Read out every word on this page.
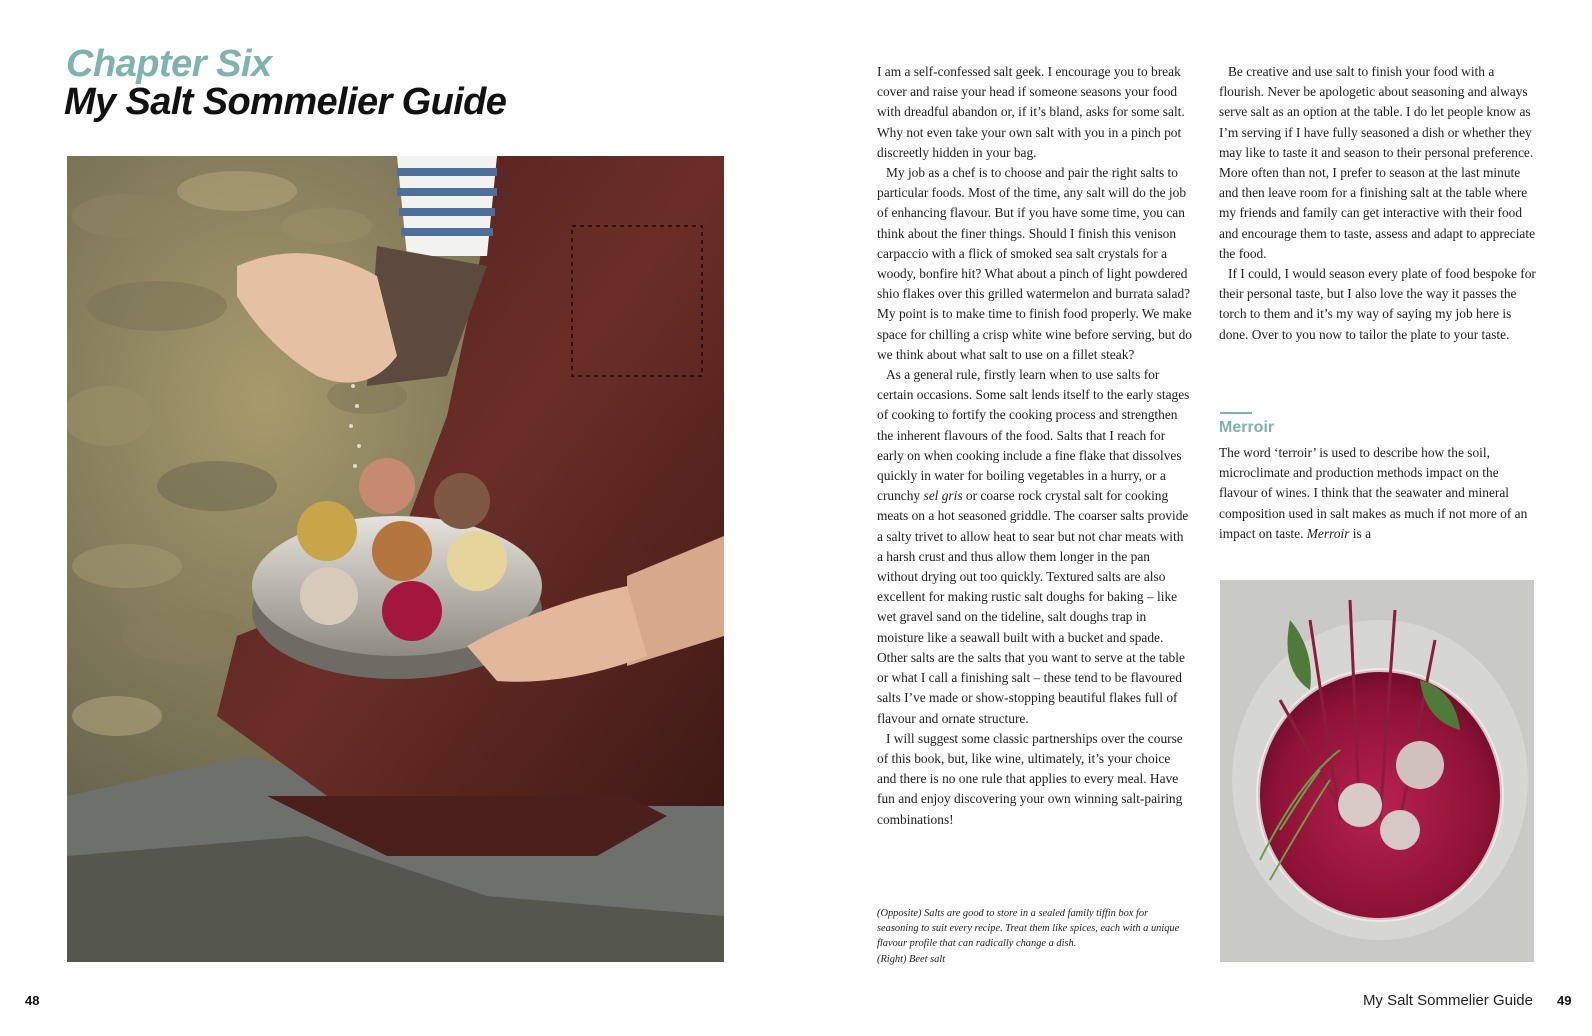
Chapter Six
My Salt Sommelier Guide

I am a self-confessed salt geek. I encourage you to break cover and raise your head if someone seasons your food with dreadful abandon or, if it’s bland, asks for some salt. Why not even take your own salt with you in a pinch pot discreetly hidden in your bag.

My job as a chef is to choose and pair the right salts to particular foods. Most of the time, any salt will do the job of enhancing flavour. But if you have some time, you can think about the finer things. Should I finish this venison carpaccio with a flick of smoked sea salt crystals for a woody, bonfire hit? What about a pinch of light powdered shio flakes over this grilled watermelon and burrata salad? My point is to make time to finish food properly. We make space for chilling a crisp white wine before serving, but do we think about what salt to use on a fillet steak?

As a general rule, firstly learn when to use salts for certain occasions. Some salt lends itself to the early stages of cooking to fortify the cooking process and strengthen the inherent flavours of the food. Salts that I reach for early on when cooking include a fine flake that dissolves quickly in water for boiling vegetables in a hurry, or a crunchy sel gris or coarse rock crystal salt for cooking meats on a hot seasoned griddle. The coarser salts provide a salty trivet to allow heat to sear but not char meats with a harsh crust and thus allow them longer in the pan without drying out too quickly. Textured salts are also excellent for making rustic salt doughs for baking – like wet gravel sand on the tideline, salt doughs trap in moisture like a seawall built with a bucket and spade. Other salts are the salts that you want to serve at the table or what I call a finishing salt – these tend to be flavoured salts I’ve made or show-stopping beautiful flakes full of flavour and ornate structure.

I will suggest some classic partnerships over the course of this book, but, like wine, ultimately, it’s your choice and there is no one rule that applies to every meal. Have fun and enjoy discovering your own winning salt-pairing combinations!

Be creative and use salt to finish your food with a flourish. Never be apologetic about seasoning and always serve salt as an option at the table. I do let people know as I’m serving if I have fully seasoned a dish or whether they may like to taste it and season to their personal preference. More often than not, I prefer to season at the last minute and then leave room for a finishing salt at the table where my friends and family can get interactive with their food and encourage them to taste, assess and adapt to appreciate the food.

If I could, I would season every plate of food bespoke for their personal taste, but I also love the way it passes the torch to them and it’s my way of saying my job here is done. Over to you now to tailor the plate to your taste.

Merroir
The word ‘terroir’ is used to describe how the soil, microclimate and production methods impact on the flavour of wines. I think that the seawater and mineral composition used in salt makes as much if not more of an impact on taste. Merroir is a
(Opposite) Salts are good to store in a sealed family tiffin box for seasoning to suit every recipe. Treat them like spices, each with a unique flavour profile that can radically change a dish.
(Right) Beet salt
48	My Salt Sommelier Guide 49
